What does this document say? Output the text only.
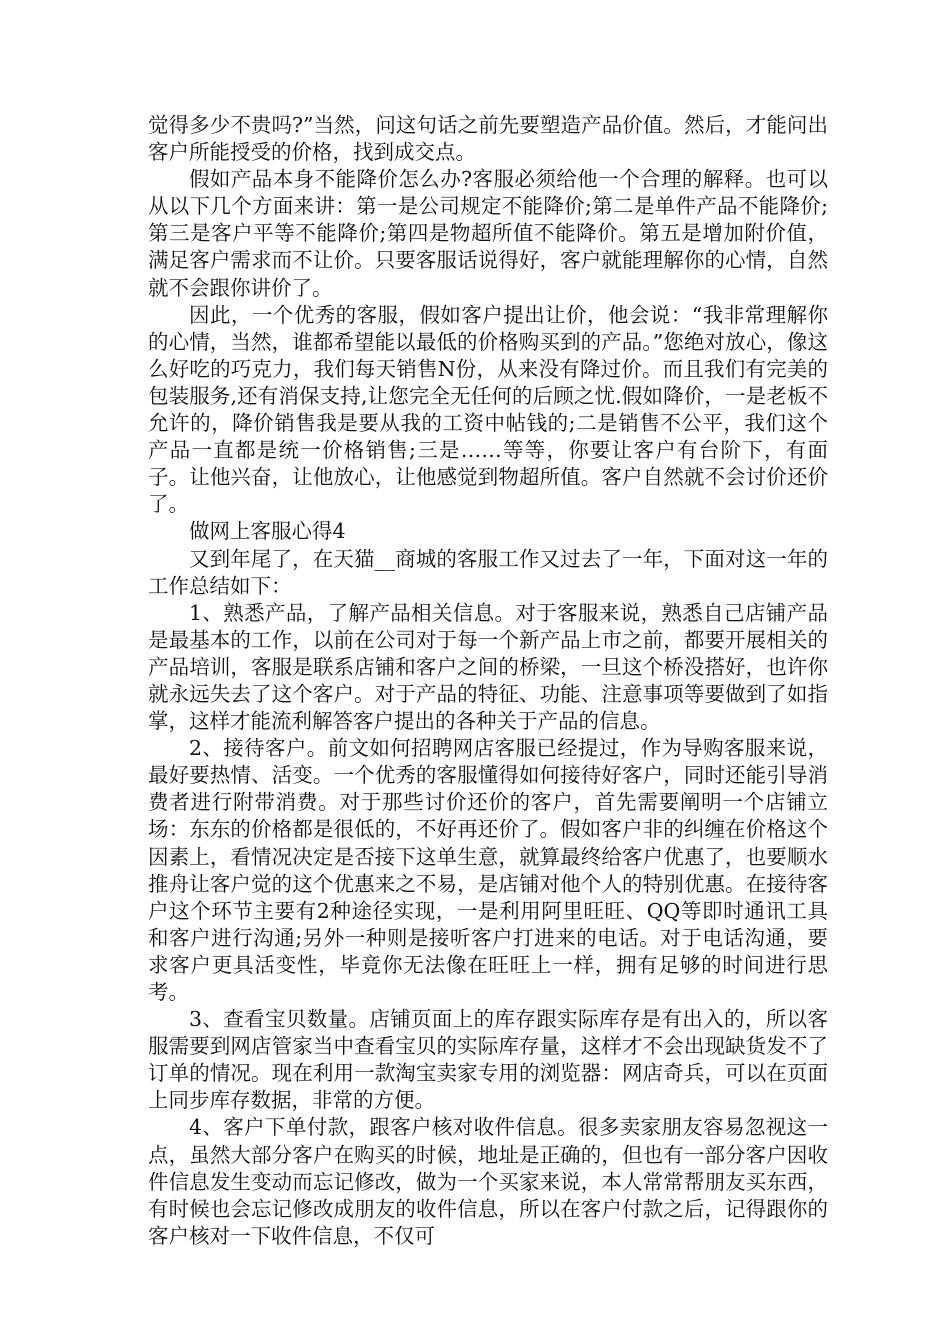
觉得多少不贵吗?”当然，问这句话之前先要塑造产品价值。然后，才能问出客户所能授受的价格，找到成交点。

假如产品本身不能降价怎么办?客服必须给他一个合理的解释。也可以从以下几个方面来讲：第一是公司规定不能降价;第二是单件产品不能降价;第三是客户平等不能降价;第四是物超所值不能降价。第五是增加附价值，满足客户需求而不让价。只要客服话说得好，客户就能理解你的心情，自然就不会跟你讲价了。

因此，一个优秀的客服，假如客户提出让价，他会说：“我非常理解你的心情，当然，谁都希望能以最低的价格购买到的产品。”您绝对放心，像这么好吃的巧克力，我们每天销售N份，从来没有降过价。而且我们有完美的包装服务,还有消保支持,让您完全无任何的后顾之忧.假如降价，一是老板不允许的，降价销售我是要从我的工资中帖钱的;二是销售不公平，我们这个产品一直都是统一价格销售;三是……等等，你要让客户有台阶下，有面子。让他兴奋，让他放心，让他感觉到物超所值。客户自然就不会讨价还价了。

做网上客服心得4

又到年尾了，在天猫__商城的客服工作又过去了一年，下面对这一年的工作总结如下：

1、熟悉产品，了解产品相关信息。对于客服来说，熟悉自己店铺产品是最基本的工作，以前在公司对于每一个新产品上市之前，都要开展相关的产品培训，客服是联系店铺和客户之间的桥梁，一旦这个桥没搭好，也许你就永远失去了这个客户。对于产品的特征、功能、注意事项等要做到了如指掌，这样才能流利解答客户提出的各种关于产品的信息。

2、接待客户。前文如何招聘网店客服已经提过，作为导购客服来说，最好要热情、活变。一个优秀的客服懂得如何接待好客户，同时还能引导消费者进行附带消费。对于那些讨价还价的客户，首先需要阐明一个店铺立场：东东的价格都是很低的，不好再还价了。假如客户非的纠缠在价格这个因素上，看情况决定是否接下这单生意，就算最终给客户优惠了，也要顺水推舟让客户觉的这个优惠来之不易，是店铺对他个人的特别优惠。在接待客户这个环节主要有2种途径实现，一是利用阿里旺旺、QQ等即时通讯工具和客户进行沟通;另外一种则是接听客户打进来的电话。对于电话沟通，要求客户更具活变性，毕竟你无法像在旺旺上一样，拥有足够的时间进行思考。

3、查看宝贝数量。店铺页面上的库存跟实际库存是有出入的，所以客服需要到网店管家当中查看宝贝的实际库存量，这样才不会出现缺货发不了订单的情况。现在利用一款淘宝卖家专用的浏览器：网店奇兵，可以在页面上同步库存数据，非常的方便。

4、客户下单付款，跟客户核对收件信息。很多卖家朋友容易忽视这一点，虽然大部分客户在购买的时候，地址是正确的，但也有一部分客户因收件信息发生变动而忘记修改，做为一个买家来说，本人常常帮朋友买东西，有时候也会忘记修改成朋友的收件信息，所以在客户付款之后，记得跟你的客户核对一下收件信息，不仅可
